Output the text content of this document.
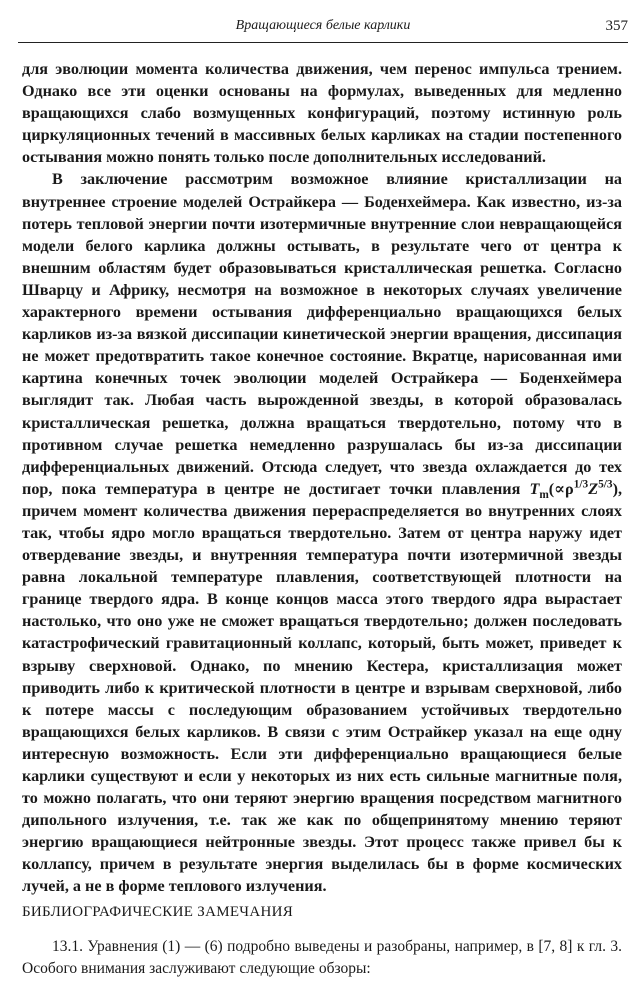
Вращающиеся белые карлики	357

для эволюции момента количества движения, чем перенос импульса трением. Однако все эти оценки основаны на формулах, выведенных для медленно вращающихся слабо возмущенных конфигураций, поэтому истинную роль циркуляционных течений в массивных белых карликах на стадии постепенного остывания можно понять только после дополнительных исследований.

В заключение рассмотрим возможное влияние кристаллизации на внутреннее строение моделей Острайкера — Боденхеймера. Как известно, из-за потерь тепловой энергии почти изотермичные внутренние слои невращающейся модели белого карлика должны остывать, в результате чего от центра к внешним областям будет образовываться кристаллическая решетка. Согласно Шварцу и Африку, несмотря на возможное в некоторых случаях увеличение характерного времени остывания дифференциально вращающихся белых карликов из-за вязкой диссипации кинетической энергии вращения, диссипация не может предотвратить такое конечное состояние. Вкратце, нарисованная ими картина конечных точек эволюции моделей Острайкера — Боденхеймера выглядит так. Любая часть вырожденной звезды, в которой образовалась кристаллическая решетка, должна вращаться твердотельно, потому что в противном случае решетка немедленно разрушалась бы из-за диссипации дифференциальных движений. Отсюда следует, что звезда охлаждается до тех пор, пока температура в центре не достигает точки плавления $T_m(\propto\rho^{1/3}Z^{5/3})$, причем момент количества движения перераспределяется во внутренних слоях так, чтобы ядро могло вращаться твердотельно. Затем от центра наружу идет отвердевание звезды, и внутренняя температура почти изотермичной звезды равна локальной температуре плавления, соответствующей плотности на границе твердого ядра. В конце концов масса этого твердого ядра вырастает настолько, что оно уже не сможет вращаться твердотельно; должен последовать катастрофический гравитационный коллапс, который, быть может, приведет к взрыву сверхновой. Однако, по мнению Кестера, кристаллизация может приводить либо к критической плотности в центре и взрывам сверхновой, либо к потере массы с последующим образованием устойчивых твердотельно вращающихся белых карликов. В связи с этим Острайкер указал на еще одну интересную возможность. Если эти дифференциально вращающиеся белые карлики существуют и если у некоторых из них есть сильные магнитные поля, то можно полагать, что они теряют энергию вращения посредством магнитного дипольного излучения, т.е. так же как по общепринятому мнению теряют энергию вращающиеся нейтронные звезды. Этот процесс также привел бы к коллапсу, причем в результате энергия выделилась бы в форме космических лучей, а не в форме теплового излучения.

БИБЛИОГРАФИЧЕСКИЕ ЗАМЕЧАНИЯ

13.1. Уравнения (1) — (6) подробно выведены и разобраны, например, в [7, 8] к гл. 3. Особого внимания заслуживают следующие обзоры:
